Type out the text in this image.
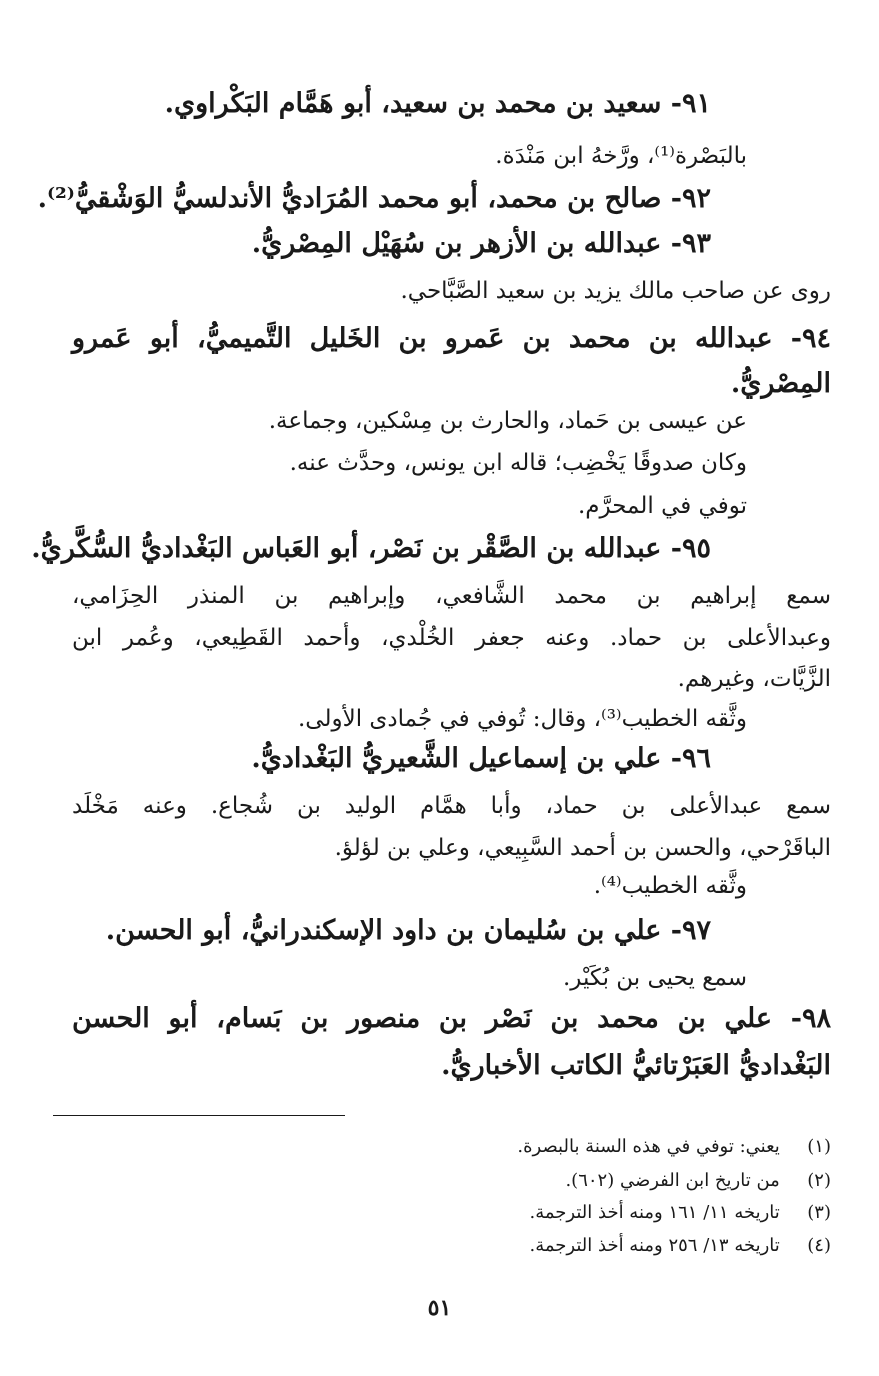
٩١- سعيد بن محمد بن سعيد، أبو هَمَّام البَكْراوي.
بالبَصْرة⁽¹⁾، ورَّخهُ ابن مَنْدَة.
٩٢- صالح بن محمد، أبو محمد المُرَاديُّ الأندلسيُّ الوَشْقيُّ⁽²⁾.
٩٣- عبدالله بن الأزهر بن سُهَيْل المِصْريُّ.
روى عن صاحب مالك يزيد بن سعيد الصَّبَّاحي.
٩٤- عبدالله بن محمد بن عَمرو بن الخَليل التَّميميُّ، أبو عَمرو
المِصْريُّ.
عن عيسى بن حَماد، والحارث بن مِسْكين، وجماعة.
وكان صدوقًا يَخْضِب؛ قاله ابن يونس، وحدَّث عنه.
توفي في المحرَّم.
٩٥- عبدالله بن الصَّقْر بن نَصْر، أبو العَباس البَغْداديُّ السُّكَّريُّ.
سمع إبراهيم بن محمد الشَّافعي، وإبراهيم بن المنذر الحِزَامي،
وعبدالأعلى بن حماد. وعنه جعفر الخُلْدي، وأحمد القَطِيعي، وعُمر ابن
الزَّيَّات، وغيرهم.
وثَّقه الخطيب⁽³⁾، وقال: تُوفي في جُمادى الأولى.
٩٦- علي بن إسماعيل الشَّعيريُّ البَغْداديُّ.
سمع عبدالأعلى بن حماد، وأبا همَّام الوليد بن شُجاع. وعنه مَخْلَد
الباقَرْحي، والحسن بن أحمد السَّبِيعي، وعلي بن لؤلؤ.
وثَّقه الخطيب⁽⁴⁾.
٩٧- علي بن سُليمان بن داود الإسكندرانيُّ، أبو الحسن.
سمع يحيى بن بُكَيْر.
٩٨- علي بن محمد بن نَصْر بن منصور بن بَسام، أبو الحسن
البَغْداديُّ العَبَرْتائيُّ الكاتب الأخباريُّ.
(١)  يعني: توفي في هذه السنة بالبصرة.
(٢)  من تاريخ ابن الفرضي (٦٠٢).
(٣)  تاريخه ١١/ ١٦١ ومنه أخذ الترجمة.
(٤)  تاريخه ١٣/ ٢٥٦ ومنه أخذ الترجمة.
٥١
